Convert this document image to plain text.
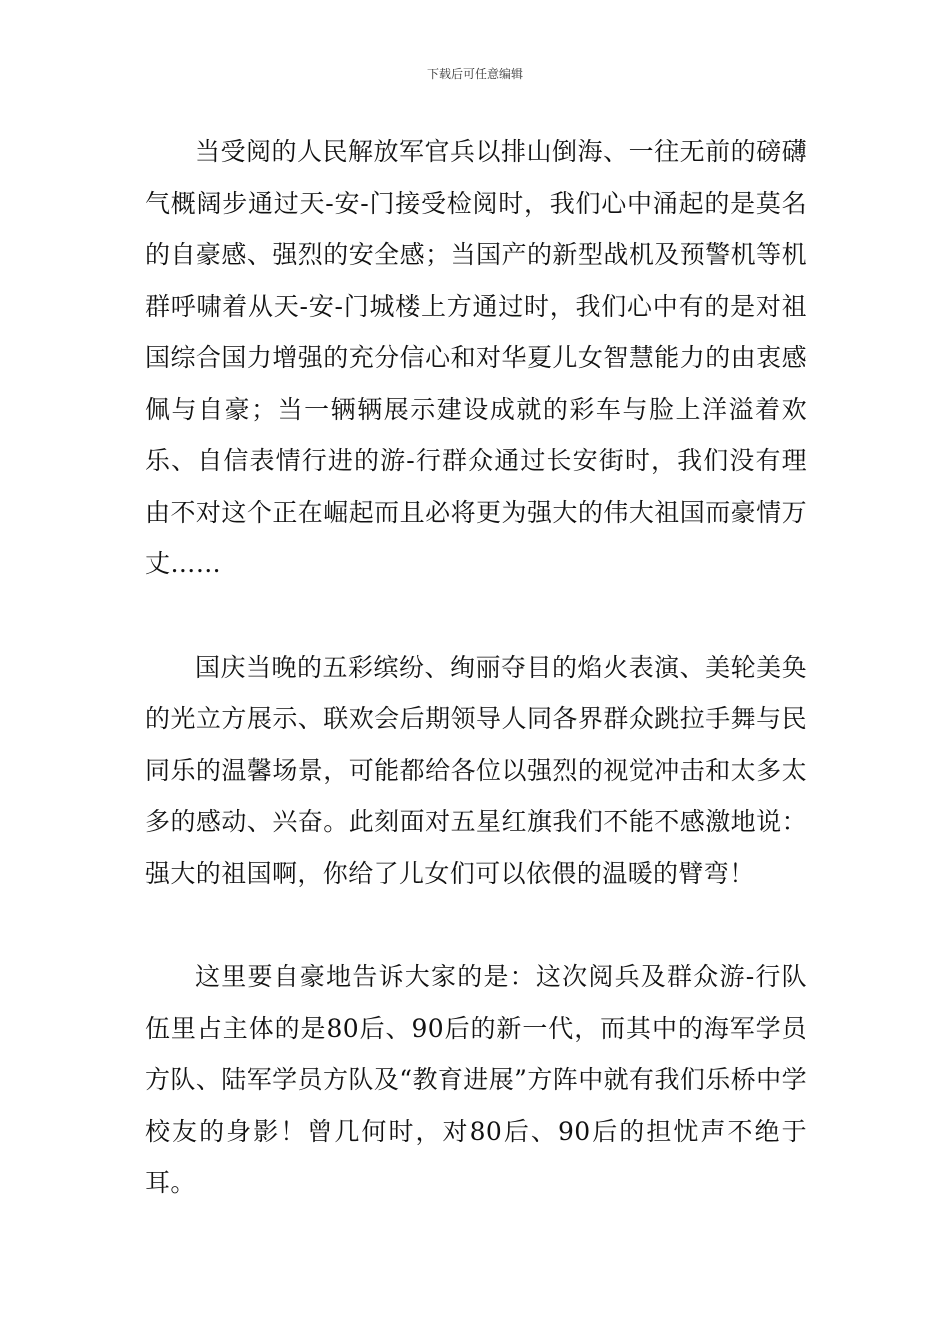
下载后可任意编辑

当受阅的人民解放军官兵以排山倒海、一往无前的磅礴气概阔步通过天-安-门接受检阅时，我们心中涌起的是莫名的自豪感、强烈的安全感；当国产的新型战机及预警机等机群呼啸着从天-安-门城楼上方通过时，我们心中有的是对祖国综合国力增强的充分信心和对华夏儿女智慧能力的由衷感佩与自豪；当一辆辆展示建设成就的彩车与脸上洋溢着欢乐、自信表情行进的游-行群众通过长安街时，我们没有理由不对这个正在崛起而且必将更为强大的伟大祖国而豪情万丈……

国庆当晚的五彩缤纷、绚丽夺目的焰火表演、美轮美奂的光立方展示、联欢会后期领导人同各界群众跳拉手舞与民同乐的温馨场景，可能都给各位以强烈的视觉冲击和太多太多的感动、兴奋。此刻面对五星红旗我们不能不感激地说：强大的祖国啊，你给了儿女们可以依偎的温暖的臂弯！

这里要自豪地告诉大家的是：这次阅兵及群众游-行队伍里占主体的是80后、90后的新一代，而其中的海军学员方队、陆军学员方队及“教育进展”方阵中就有我们乐桥中学校友的身影！曾几何时，对80后、90后的担忧声不绝于耳。
